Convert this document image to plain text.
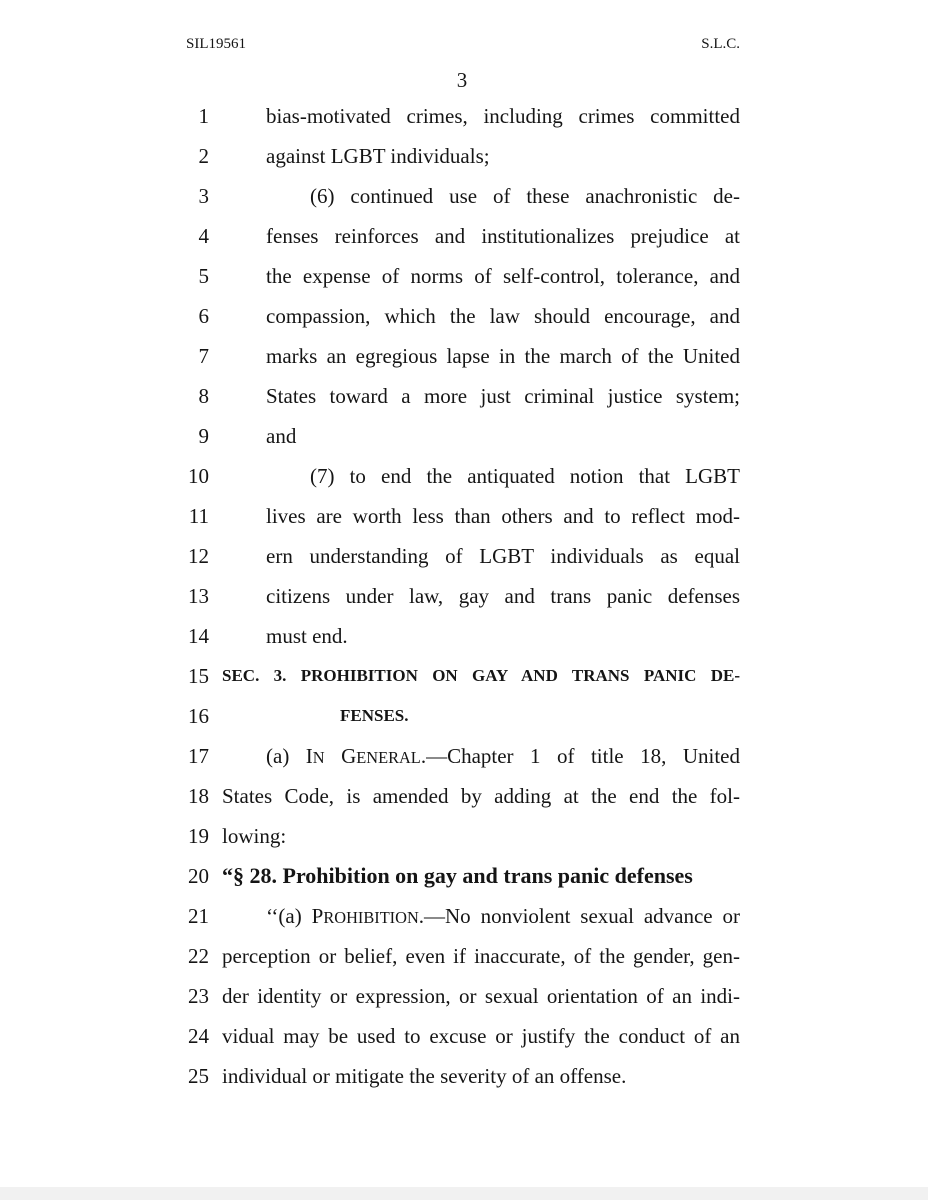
SIL19561	S.L.C.
3
1	bias-motivated crimes, including crimes committed
2	against LGBT individuals;
3	(6) continued use of these anachronistic de-
4	fenses reinforces and institutionalizes prejudice at
5	the expense of norms of self-control, tolerance, and
6	compassion, which the law should encourage, and
7	marks an egregious lapse in the march of the United
8	States toward a more just criminal justice system;
9	and
10	(7) to end the antiquated notion that LGBT
11	lives are worth less than others and to reflect mod-
12	ern understanding of LGBT individuals as equal
13	citizens under law, gay and trans panic defenses
14	must end.
15 SEC. 3. PROHIBITION ON GAY AND TRANS PANIC DE-
16	FENSES.
17	(a) IN GENERAL.—Chapter 1 of title 18, United
18 States Code, is amended by adding at the end the fol-
19 lowing:
20 “§ 28. Prohibition on gay and trans panic defenses
21	‘‘(a) PROHIBITION.—No nonviolent sexual advance or
22 perception or belief, even if inaccurate, of the gender, gen-
23 der identity or expression, or sexual orientation of an indi-
24 vidual may be used to excuse or justify the conduct of an
25 individual or mitigate the severity of an offense.
